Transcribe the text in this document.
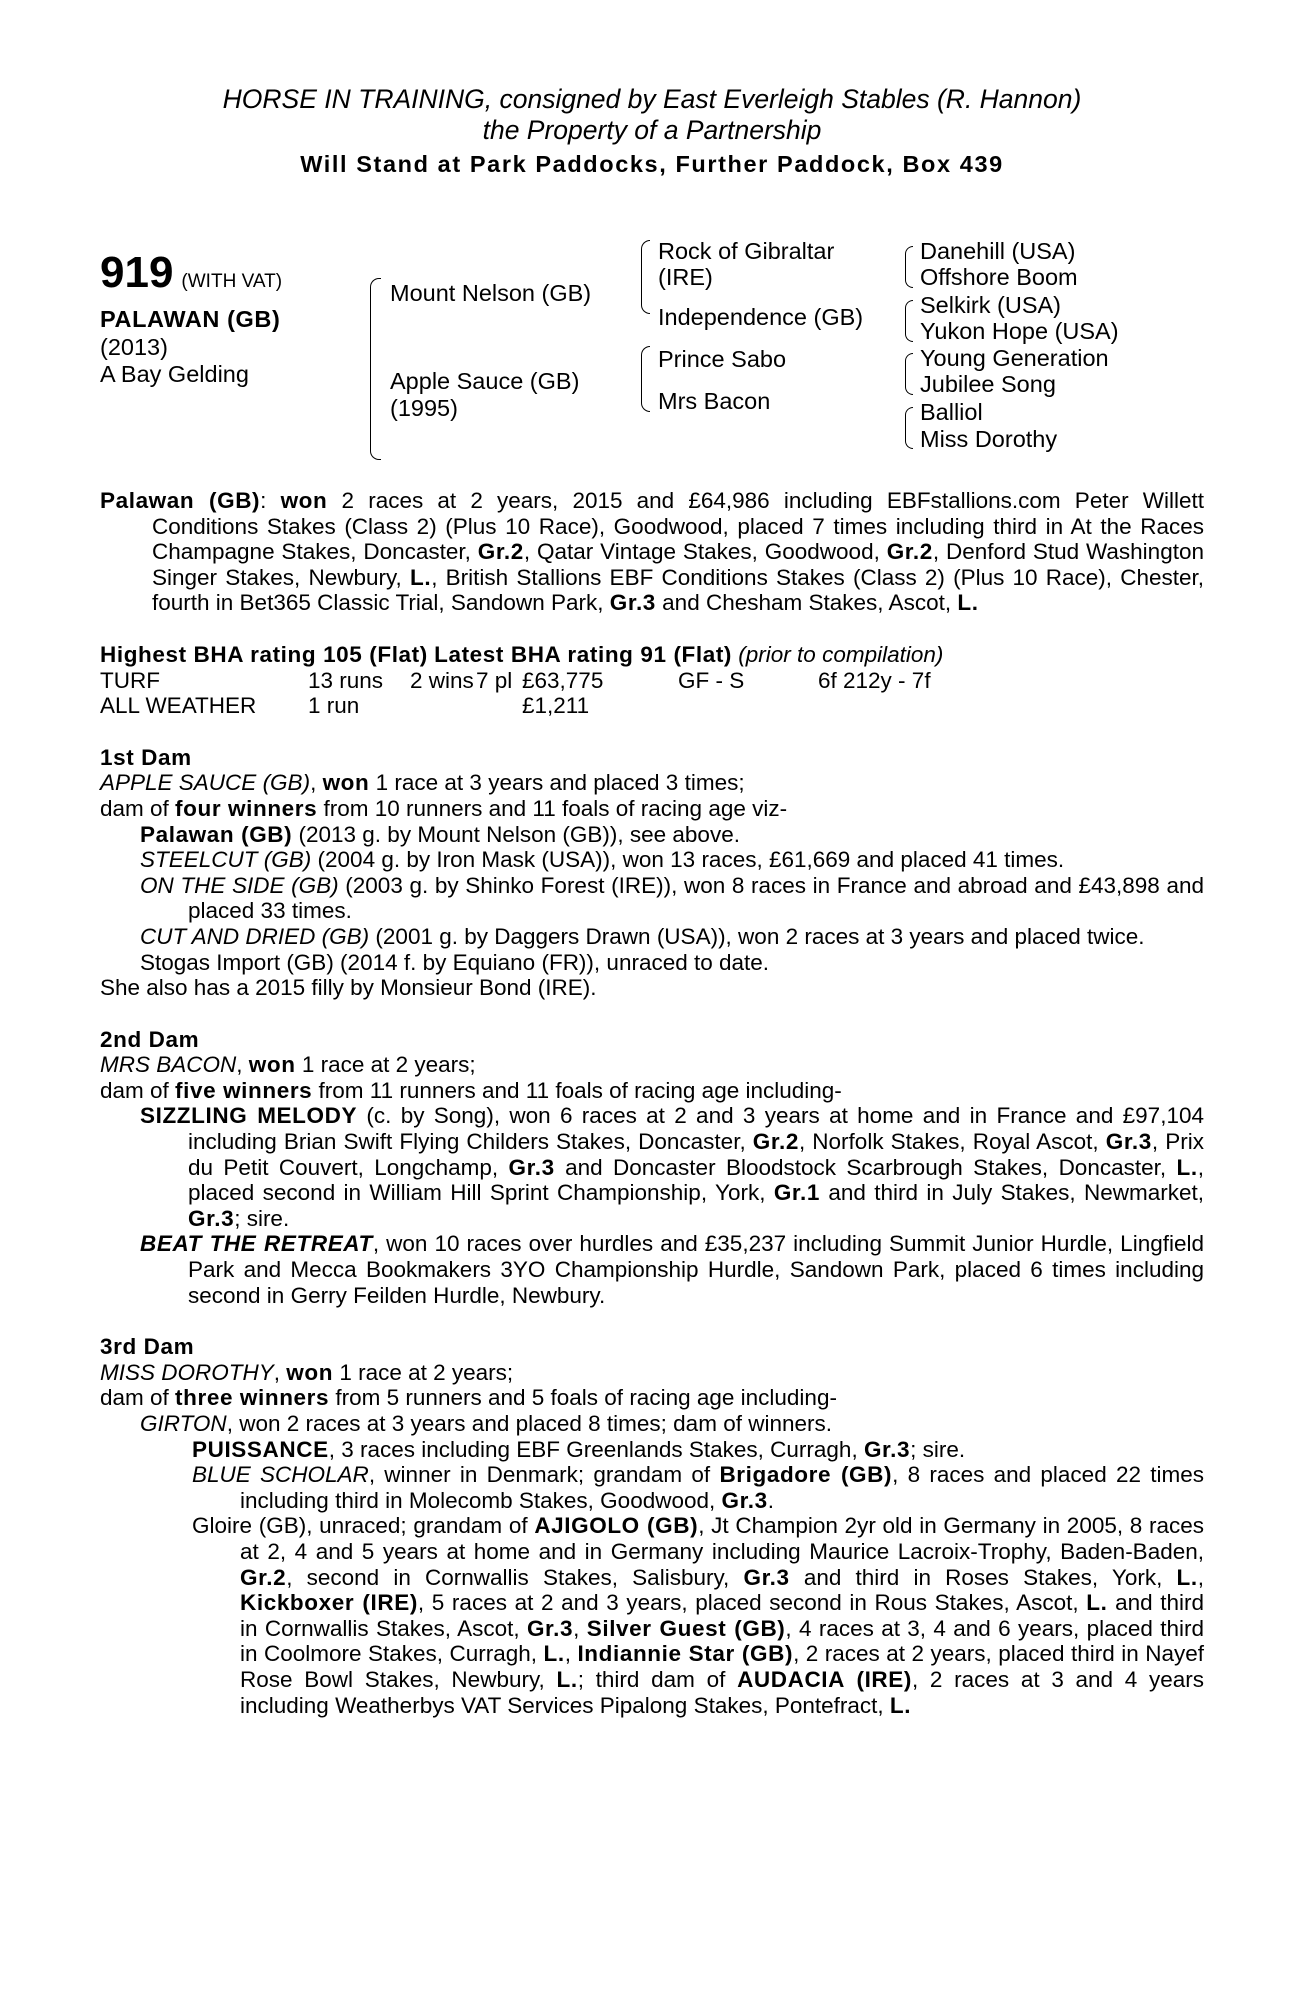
HORSE IN TRAINING, consigned by East Everleigh Stables (R. Hannon)
the Property of a Partnership
Will Stand at Park Paddocks, Further Paddock, Box 439
919 (WITH VAT)
PALAWAN (GB)
(2013)
A Bay Gelding
Mount Nelson (GB)
Apple Sauce (GB)
(1995)
Rock of Gibraltar
(IRE)
Independence (GB)
Prince Sabo
Mrs Bacon
Danehill (USA)
Offshore Boom
Selkirk (USA)
Yukon Hope (USA)
Young Generation
Jubilee Song
Balliol
Miss Dorothy
Palawan (GB): won 2 races at 2 years, 2015 and £64,986 including EBFstallions.com Peter Willett Conditions Stakes (Class 2) (Plus 10 Race), Goodwood, placed 7 times including third in At the Races Champagne Stakes, Doncaster, Gr.2, Qatar Vintage Stakes, Goodwood, Gr.2, Denford Stud Washington Singer Stakes, Newbury, L., British Stallions EBF Conditions Stakes (Class 2) (Plus 10 Race), Chester, fourth in Bet365 Classic Trial, Sandown Park, Gr.3 and Chesham Stakes, Ascot, L.
Highest BHA rating 105 (Flat) Latest BHA rating 91 (Flat) (prior to compilation)
TURF	13 runs	2 wins	7 pl	£63,775	GF - S	6f 212y - 7f
ALL WEATHER	1 run			£1,211		
1st Dam
APPLE SAUCE (GB), won 1 race at 3 years and placed 3 times;
dam of four winners from 10 runners and 11 foals of racing age viz-
Palawan (GB) (2013 g. by Mount Nelson (GB)), see above.
STEELCUT (GB) (2004 g. by Iron Mask (USA)), won 13 races, £61,669 and placed 41 times.
ON THE SIDE (GB) (2003 g. by Shinko Forest (IRE)), won 8 races in France and abroad and £43,898 and placed 33 times.
CUT AND DRIED (GB) (2001 g. by Daggers Drawn (USA)), won 2 races at 3 years and placed twice.
Stogas Import (GB) (2014 f. by Equiano (FR)), unraced to date.
She also has a 2015 filly by Monsieur Bond (IRE).
2nd Dam
MRS BACON, won 1 race at 2 years;
dam of five winners from 11 runners and 11 foals of racing age including-
SIZZLING MELODY (c. by Song), won 6 races at 2 and 3 years at home and in France and £97,104 including Brian Swift Flying Childers Stakes, Doncaster, Gr.2, Norfolk Stakes, Royal Ascot, Gr.3, Prix du Petit Couvert, Longchamp, Gr.3 and Doncaster Bloodstock Scarbrough Stakes, Doncaster, L., placed second in William Hill Sprint Championship, York, Gr.1 and third in July Stakes, Newmarket, Gr.3; sire.
BEAT THE RETREAT, won 10 races over hurdles and £35,237 including Summit Junior Hurdle, Lingfield Park and Mecca Bookmakers 3YO Championship Hurdle, Sandown Park, placed 6 times including second in Gerry Feilden Hurdle, Newbury.
3rd Dam
MISS DOROTHY, won 1 race at 2 years;
dam of three winners from 5 runners and 5 foals of racing age including-
GIRTON, won 2 races at 3 years and placed 8 times; dam of winners.
PUISSANCE, 3 races including EBF Greenlands Stakes, Curragh, Gr.3; sire.
BLUE SCHOLAR, winner in Denmark; grandam of Brigadore (GB), 8 races and placed 22 times including third in Molecomb Stakes, Goodwood, Gr.3.
Gloire (GB), unraced; grandam of AJIGOLO (GB), Jt Champion 2yr old in Germany in 2005, 8 races at 2, 4 and 5 years at home and in Germany including Maurice Lacroix-Trophy, Baden-Baden, Gr.2, second in Cornwallis Stakes, Salisbury, Gr.3 and third in Roses Stakes, York, L., Kickboxer (IRE), 5 races at 2 and 3 years, placed second in Rous Stakes, Ascot, L. and third in Cornwallis Stakes, Ascot, Gr.3, Silver Guest (GB), 4 races at 3, 4 and 6 years, placed third in Coolmore Stakes, Curragh, L., Indiannie Star (GB), 2 races at 2 years, placed third in Nayef Rose Bowl Stakes, Newbury, L.; third dam of AUDACIA (IRE), 2 races at 3 and 4 years including Weatherbys VAT Services Pipalong Stakes, Pontefract, L.
